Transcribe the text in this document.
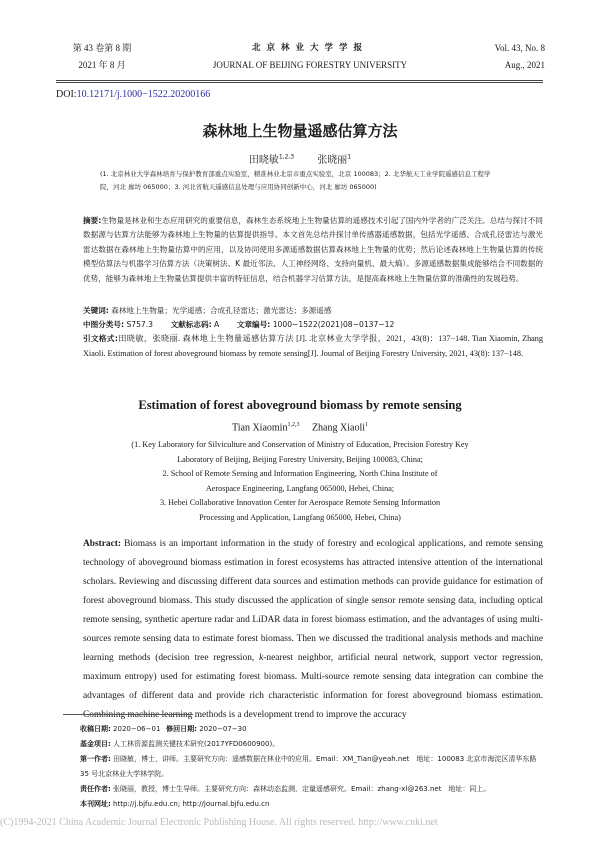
第 43 卷第 8 期
2021 年 8 月
北京林业大学学报
JOURNAL OF BEIJING FORESTRY UNIVERSITY
Vol. 43, No. 8
Aug., 2021
DOI:10.12171/j.1000−1522.20200166
森林地上生物量遥感估算方法
田晓敏$^{1,2,3}$    张晓丽$^1$
(1. 北京林业大学森林培育与保护教育部重点实验室，精准林业北京市重点实验室，北京 100083；2. 北华航天工业学院遥感信息工程学院，河北 廊坊 065000；3. 河北省航天遥感信息处理与应用协同创新中心，河北 廊坊 065000)
摘要:生物量是林业和生态应用研究的重要信息，森林生态系统地上生物量估算的遥感技术引起了国内外学者的广泛关注。总结与探讨不同数据源与估算方法能够为森林地上生物量的估算提供指导。本文首先总结并探讨单传感器遥感数据，包括光学遥感、合成孔径雷达与激光雷达数据在森林地上生物量估算中的应用，以及协同使用多源遥感数据估算森林地上生物量的优势；然后论述森林地上生物量估算的传统模型估算法与机器学习估算方法（决策树法、K 最近邻法、人工神经网络、支持向量机、最大熵）。多源遥感数据集成能够结合不同数据的优势，能够为森林地上生物量估算提供丰富的特征信息，结合机器学习估算方法，是提高森林地上生物量估算的准确性的发展趋势。
关键词: 森林地上生物量；光学遥感；合成孔径雷达；激光雷达；多源遥感
中图分类号: S757.3   文献标志码: A   文章编号: 1000−1522(2021)08−0137−12
引文格式:田晓敏，张晓丽. 森林地上生物量遥感估算方法 [J]. 北京林业大学学报，2021，43(8)：137−148. Tian Xiaomin, Zhang Xiaoli. Estimation of forest aboveground biomass by remote sensing[J]. Journal of Beijing Forestry University, 2021, 43(8): 137−148.
Estimation of forest aboveground biomass by remote sensing
Tian Xiaomin$^{1,2,3}$   Zhang Xiaoli$^1$
(1. Key Laboratory for Silviculture and Conservation of Ministry of Education, Precision Forestry Key
Laboratory of Beijing, Beijing Forestry University, Beijing 100083, China;
2. School of Remote Sensing and Information Engineering, North China Institute of
Aerospace Engineering, Langfang 065000, Hebei, China;
3. Hebei Collaborative Innovation Center for Aerospace Remote Sensing Information
Processing and Application, Langfang 065000, Hebei, China)
Abstract: Biomass is an important information in the study of forestry and ecological applications, and remote sensing technology of aboveground biomass estimation in forest ecosystems has attracted intensive attention of the international scholars. Reviewing and discussing different data sources and estimation methods can provide guidance for estimation of forest aboveground biomass. This study discussed the application of single sensor remote sensing data, including optical remote sensing, synthetic aperture radar and LiDAR data in forest biomass estimation, and the advantages of using multi-sources remote sensing data to estimate forest biomass. Then we discussed the traditional analysis methods and machine learning methods (decision tree regression, k-nearest neighbor, artificial neural network, support vector regression, maximum entropy) used for estimating forest biomass. Multi-source remote sensing data integration can combine the advantages of different data and provide rich characteristic information for forest aboveground biomass estimation. Combining machine learning methods is a development trend to improve the accuracy
收稿日期: 2020−06−01  修回日期: 2020−07−30
基金项目: 人工林资源监测关键技术研究(2017YFD0600900)。
第一作者: 田晓敏，博士，讲师。主要研究方向：遥感数据在林业中的应用。Email：XM_Tian@yeah.net　地址：100083 北京市海淀区清华东路 35 号北京林业大学林学院。
责任作者: 张晓丽，教授，博士生导师。主要研究方向：森林动态监测，定量遥感研究。Email：zhang-xl@263.net　地址：同上。
本刊网址: http://j.bjfu.edu.cn; http://journal.bjfu.edu.cn
(C)1994-2021 China Academic Journal Electronic Publishing House. All rights reserved. http://www.cnki.net
